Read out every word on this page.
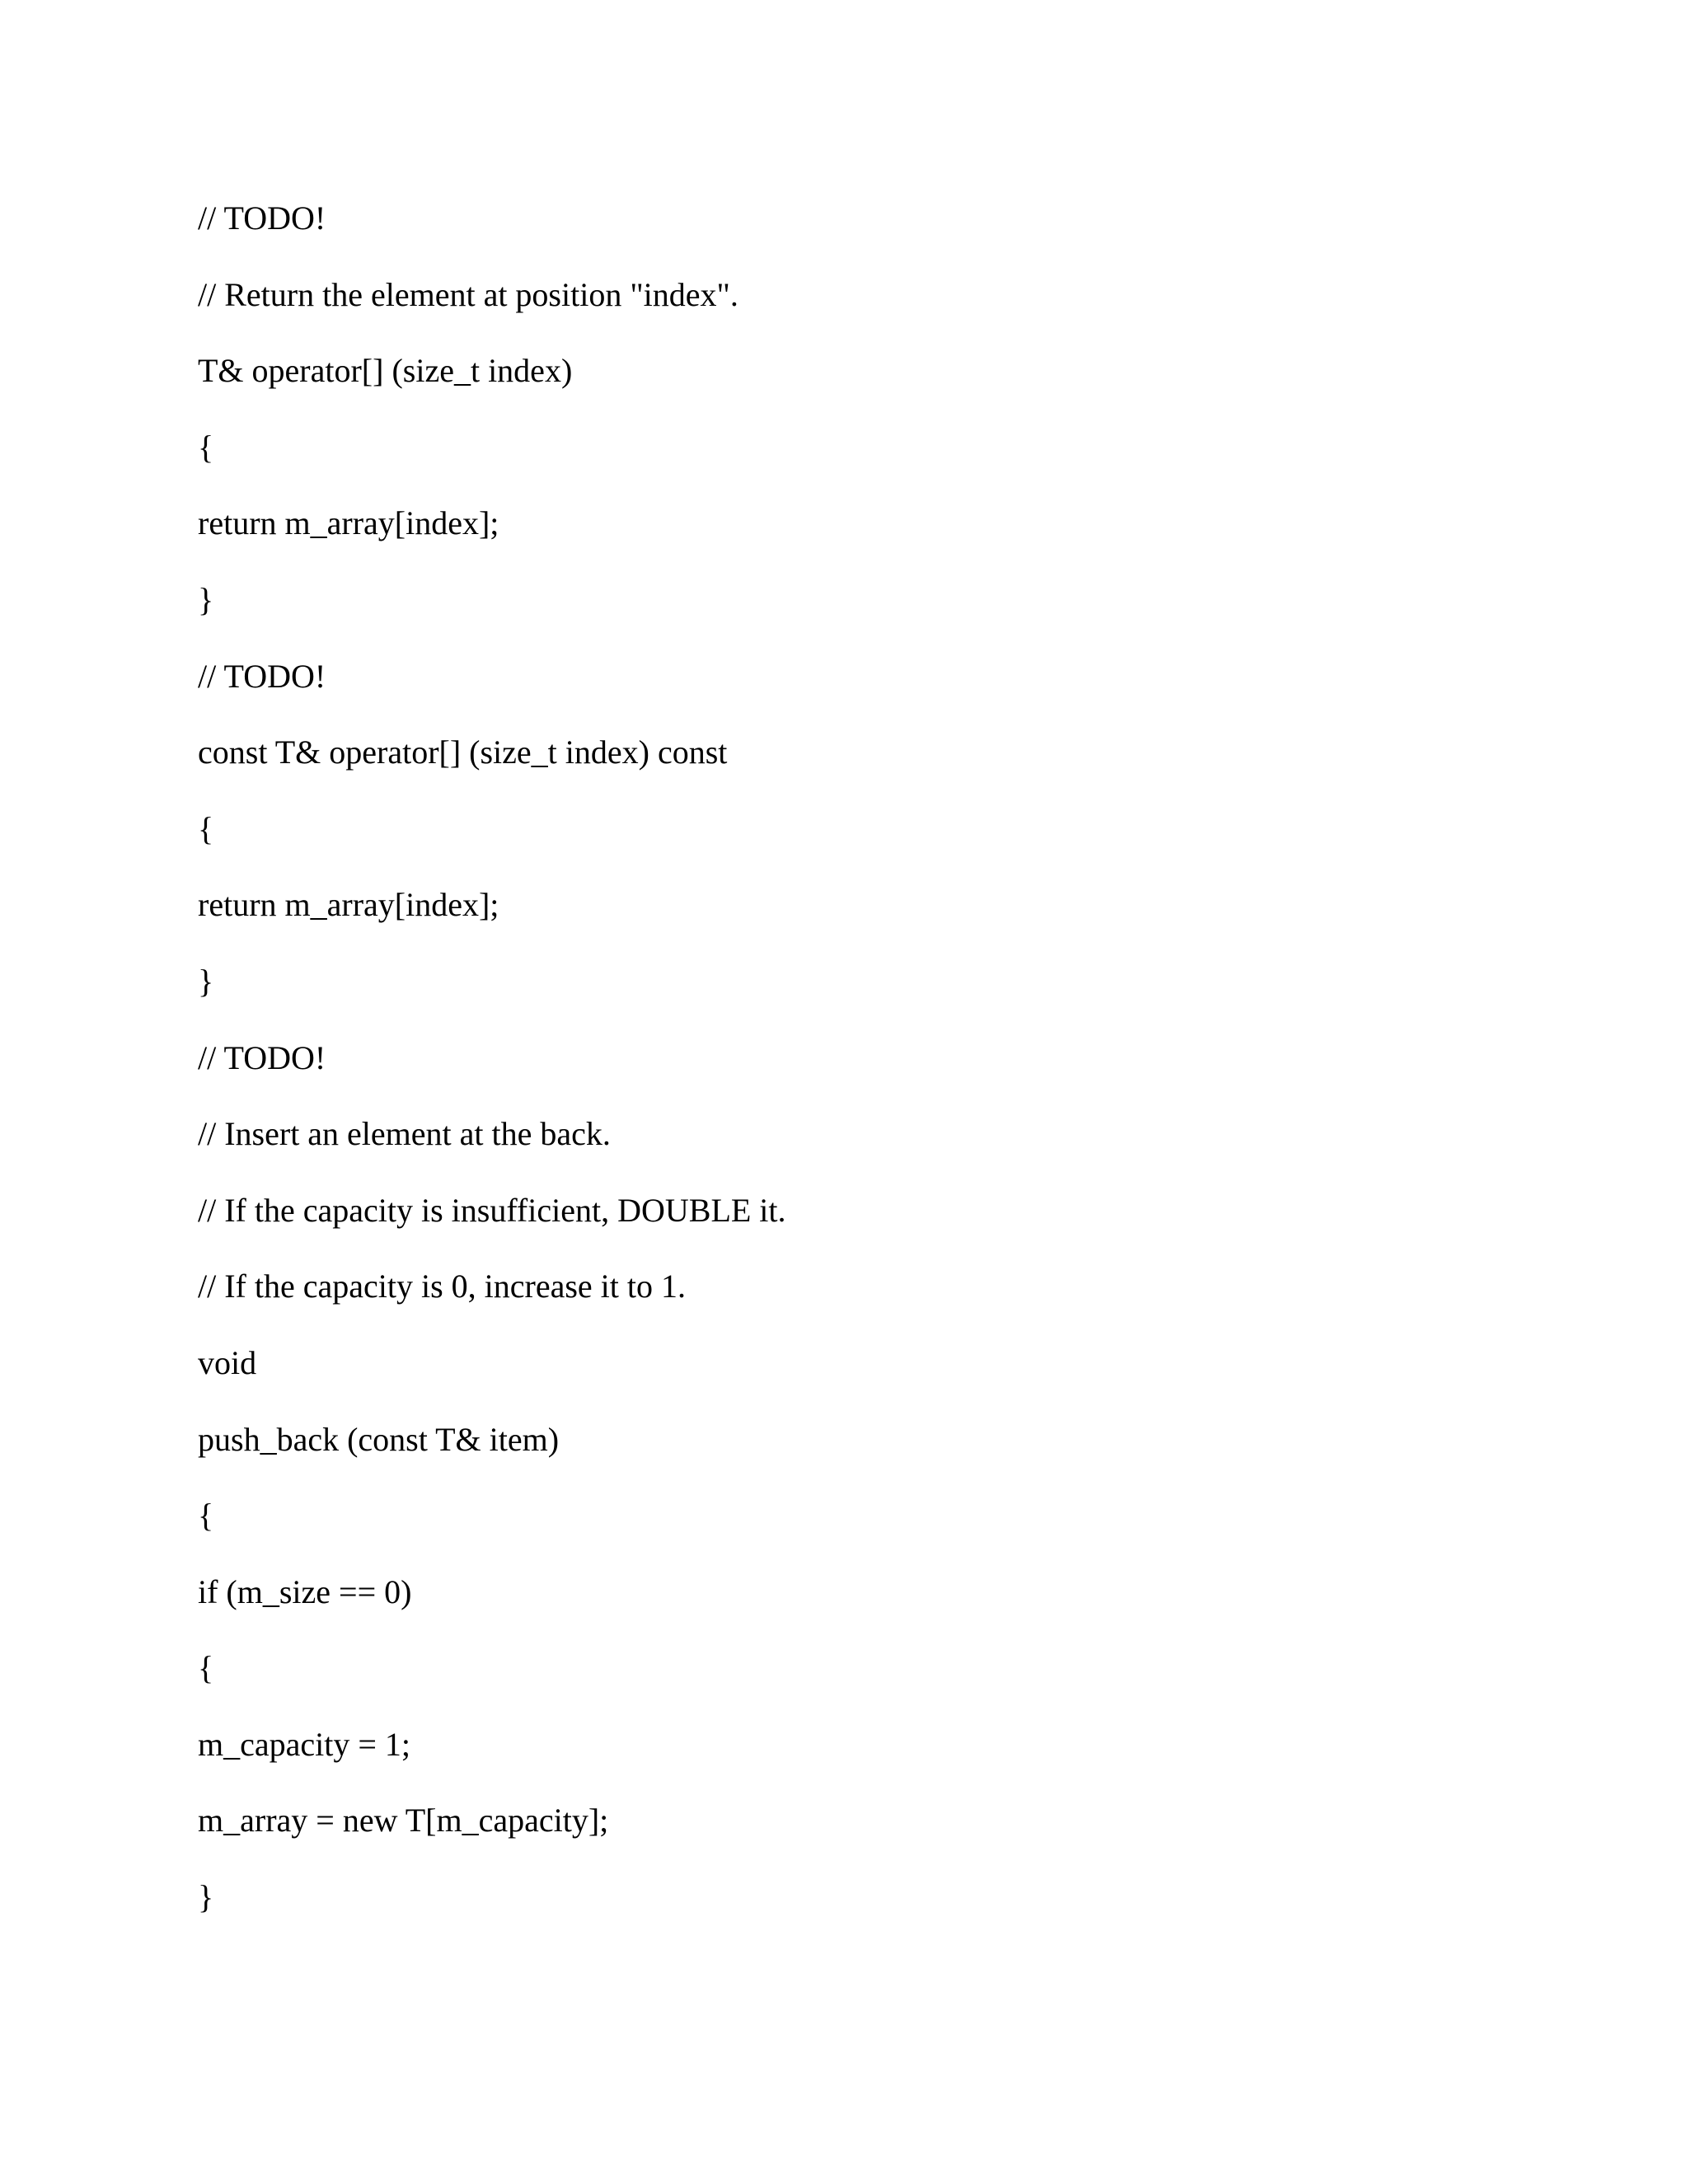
// TODO!
// Return the element at position "index".
T& operator[] (size_t index)
{
return m_array[index];
}
// TODO!
const T& operator[] (size_t index) const
{
return m_array[index];
}
// TODO!
// Insert an element at the back.
// If the capacity is insufficient, DOUBLE it.
// If the capacity is 0, increase it to 1.
void
push_back (const T& item)
{
if (m_size == 0)
{
m_capacity = 1;
m_array = new T[m_capacity];
}
